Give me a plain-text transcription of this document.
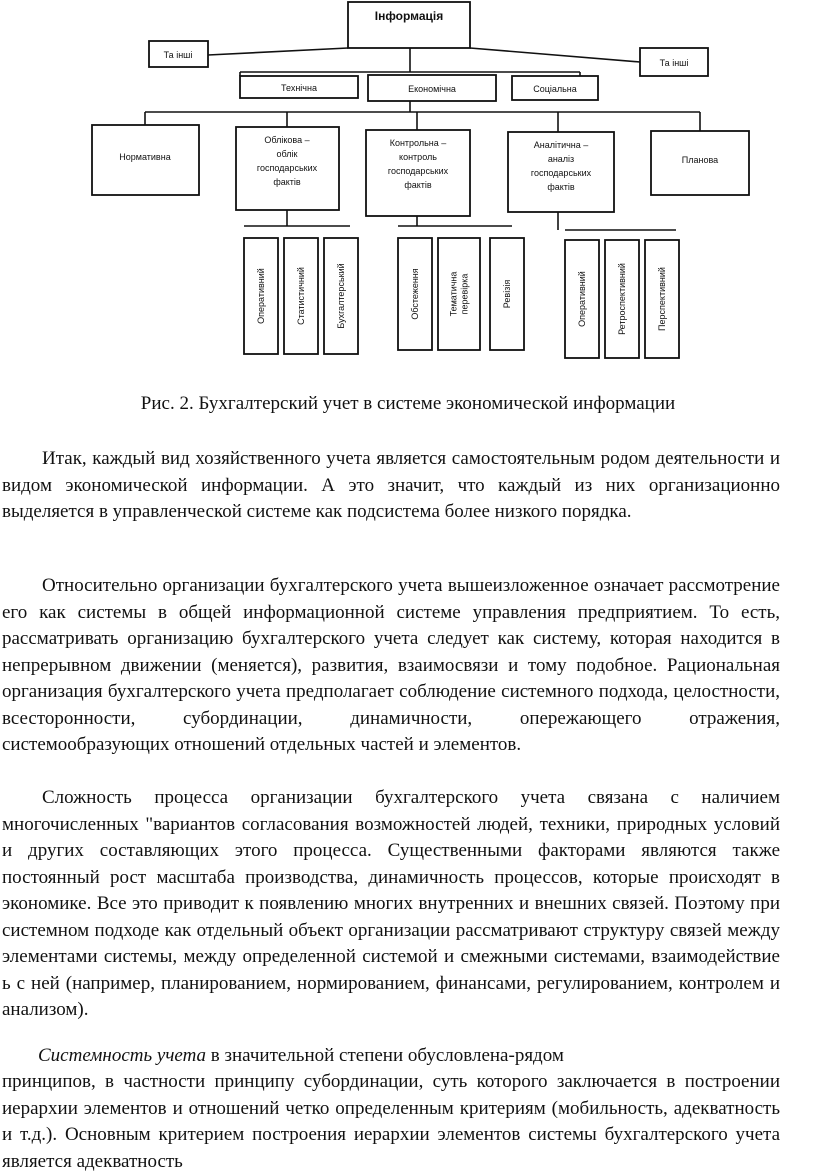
Інформація
Та інші
Та інші
Технічна	Економічна	Соціальна
Нормативна
Облікова –
облік
господарських
фактів
Контрольна –
контроль
господарських
фактів
Аналітична –
аналіз
господарських
фактів
Планова
Оперативний	Статистичний	Бухгалтерський	Обстеження	Тематична перевірка	Ревізія	Оперативний	Ретроспективний	Перспективний
Рис. 2. Бухгалтерский учет в системе экономической информации

Итак, каждый вид хозяйственного учета является самостоятельным родом деятельности и видом экономической информации. А это значит, что каждый из них организационно выделяется в управленческой системе как подсистема более низкого порядка.

Относительно организации бухгалтерского учета вышеизложенное означает рассмотрение его как системы в общей информационной системе управления предприятием. То есть, рассматривать организацию бухгалтерского учета следует как систему, которая находится в непрерывном движении (меняется), развития, взаимосвязи и тому подобное. Рациональная организация бухгалтерского учета предполагает соблюдение системного подхода, целостности, всесторонности, субординации, динамичности, опережающего отражения, системообразующих отношений отдельных частей и элементов.

Сложность процесса организации бухгалтерского учета связана с наличием многочисленных "вариантов согласования возможностей людей, техники, природных условий и других составляющих этого процесса. Существенными факторами являются также постоянный рост масштаба производства, динамичность процессов, которые происходят в экономике. Все это приводит к появлению многих внутренних и внешних связей. Поэтому при системном подходе как отдельный объект организации рассматривают структуру связей между элементами системы, между определенной системой и смежными системами, взаимодействие ь с ней (например, планированием, нормированием, финансами, регулированием, контролем и анализом).

Системность учета в значительной степени обусловлена-рядом

принципов, в частности принципу субординации, суть которого заключается в построении иерархии элементов и отношений четко определенным критериям (мобильность, адекватность и т.д.). Основным критерием построения иерархии элементов системы бухгалтерского учета является адекватность
